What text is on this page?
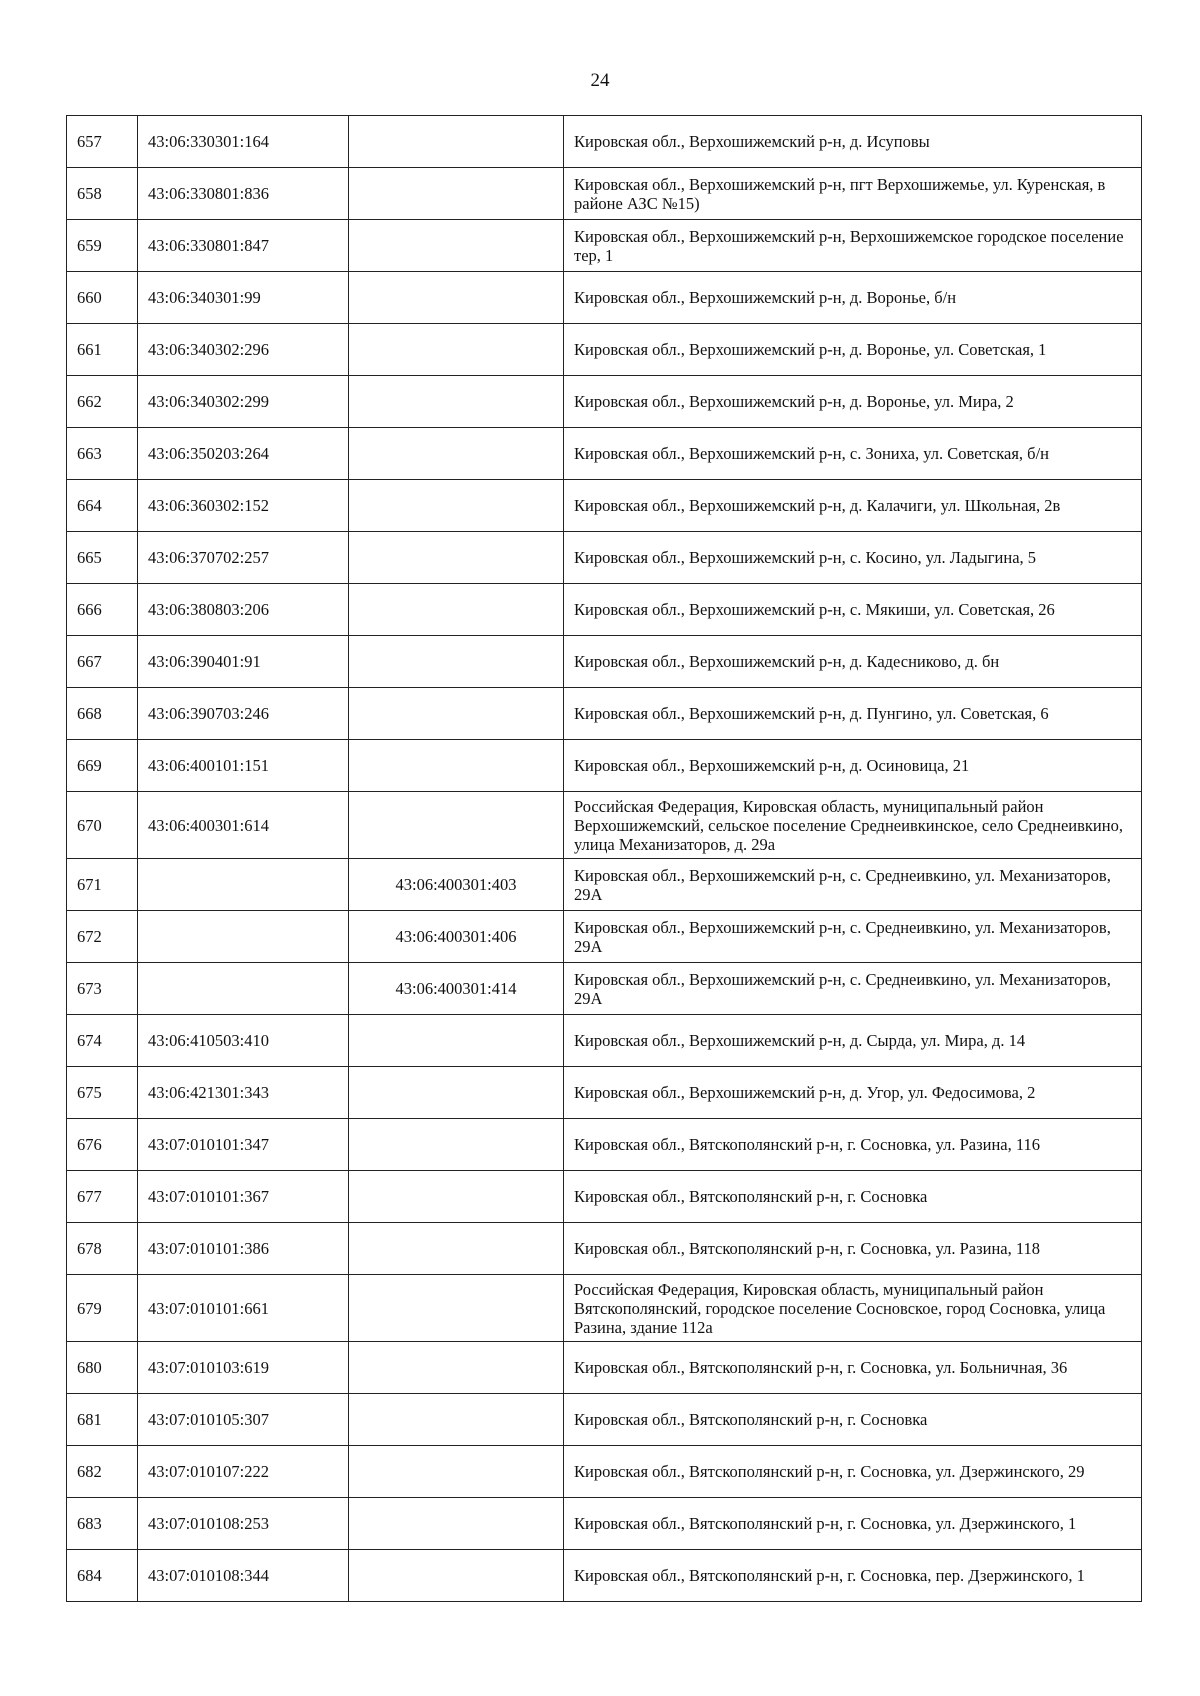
24
657	43:06:330301:164		Кировская обл., Верхошижемский р-н, д. Исуповы
658	43:06:330801:836		Кировская обл., Верхошижемский р-н, пгт Верхошижемье, ул. Куренская, в районе АЗС №15)
659	43:06:330801:847		Кировская обл., Верхошижемский р-н, Верхошижемское городское поселение тер, 1
660	43:06:340301:99		Кировская обл., Верхошижемский р-н, д. Воронье, б/н
661	43:06:340302:296		Кировская обл., Верхошижемский р-н, д. Воронье, ул. Советская, 1
662	43:06:340302:299		Кировская обл., Верхошижемский р-н, д. Воронье, ул. Мира, 2
663	43:06:350203:264		Кировская обл., Верхошижемский р-н, с. Зониха, ул. Советская, б/н
664	43:06:360302:152		Кировская обл., Верхошижемский р-н, д. Калачиги, ул. Школьная, 2в
665	43:06:370702:257		Кировская обл., Верхошижемский р-н, с. Косино, ул. Ладыгина, 5
666	43:06:380803:206		Кировская обл., Верхошижемский р-н, с. Мякиши, ул. Советская, 26
667	43:06:390401:91		Кировская обл., Верхошижемский р-н, д. Кадесниково, д. бн
668	43:06:390703:246		Кировская обл., Верхошижемский р-н, д. Пунгино, ул. Советская, 6
669	43:06:400101:151		Кировская обл., Верхошижемский р-н, д. Осиновица, 21
670	43:06:400301:614		Российская Федерация, Кировская область, муниципальный район Верхошижемский, сельское поселение Среднеивкинское, село Среднеивкино, улица Механизаторов, д. 29а
671		43:06:400301:403	Кировская обл., Верхошижемский р-н, с. Среднеивкино, ул. Механизаторов, 29А
672		43:06:400301:406	Кировская обл., Верхошижемский р-н, с. Среднеивкино, ул. Механизаторов, 29А
673		43:06:400301:414	Кировская обл., Верхошижемский р-н, с. Среднеивкино, ул. Механизаторов, 29А
674	43:06:410503:410		Кировская обл., Верхошижемский р-н, д. Сырда, ул. Мира, д. 14
675	43:06:421301:343		Кировская обл., Верхошижемский р-н, д. Угор, ул. Федосимова, 2
676	43:07:010101:347		Кировская обл., Вятскополянский р-н, г. Сосновка, ул. Разина, 116
677	43:07:010101:367		Кировская обл., Вятскополянский р-н, г. Сосновка
678	43:07:010101:386		Кировская обл., Вятскополянский р-н, г. Сосновка, ул. Разина, 118
679	43:07:010101:661		Российская Федерация, Кировская область, муниципальный район Вятскополянский, городское поселение Сосновское, город Сосновка, улица Разина, здание 112а
680	43:07:010103:619		Кировская обл., Вятскополянский р-н, г. Сосновка, ул. Больничная, 36
681	43:07:010105:307		Кировская обл., Вятскополянский р-н, г. Сосновка
682	43:07:010107:222		Кировская обл., Вятскополянский р-н, г. Сосновка, ул. Дзержинского, 29
683	43:07:010108:253		Кировская обл., Вятскополянский р-н, г. Сосновка, ул. Дзержинского, 1
684	43:07:010108:344		Кировская обл., Вятскополянский р-н, г. Сосновка, пер. Дзержинского, 1
